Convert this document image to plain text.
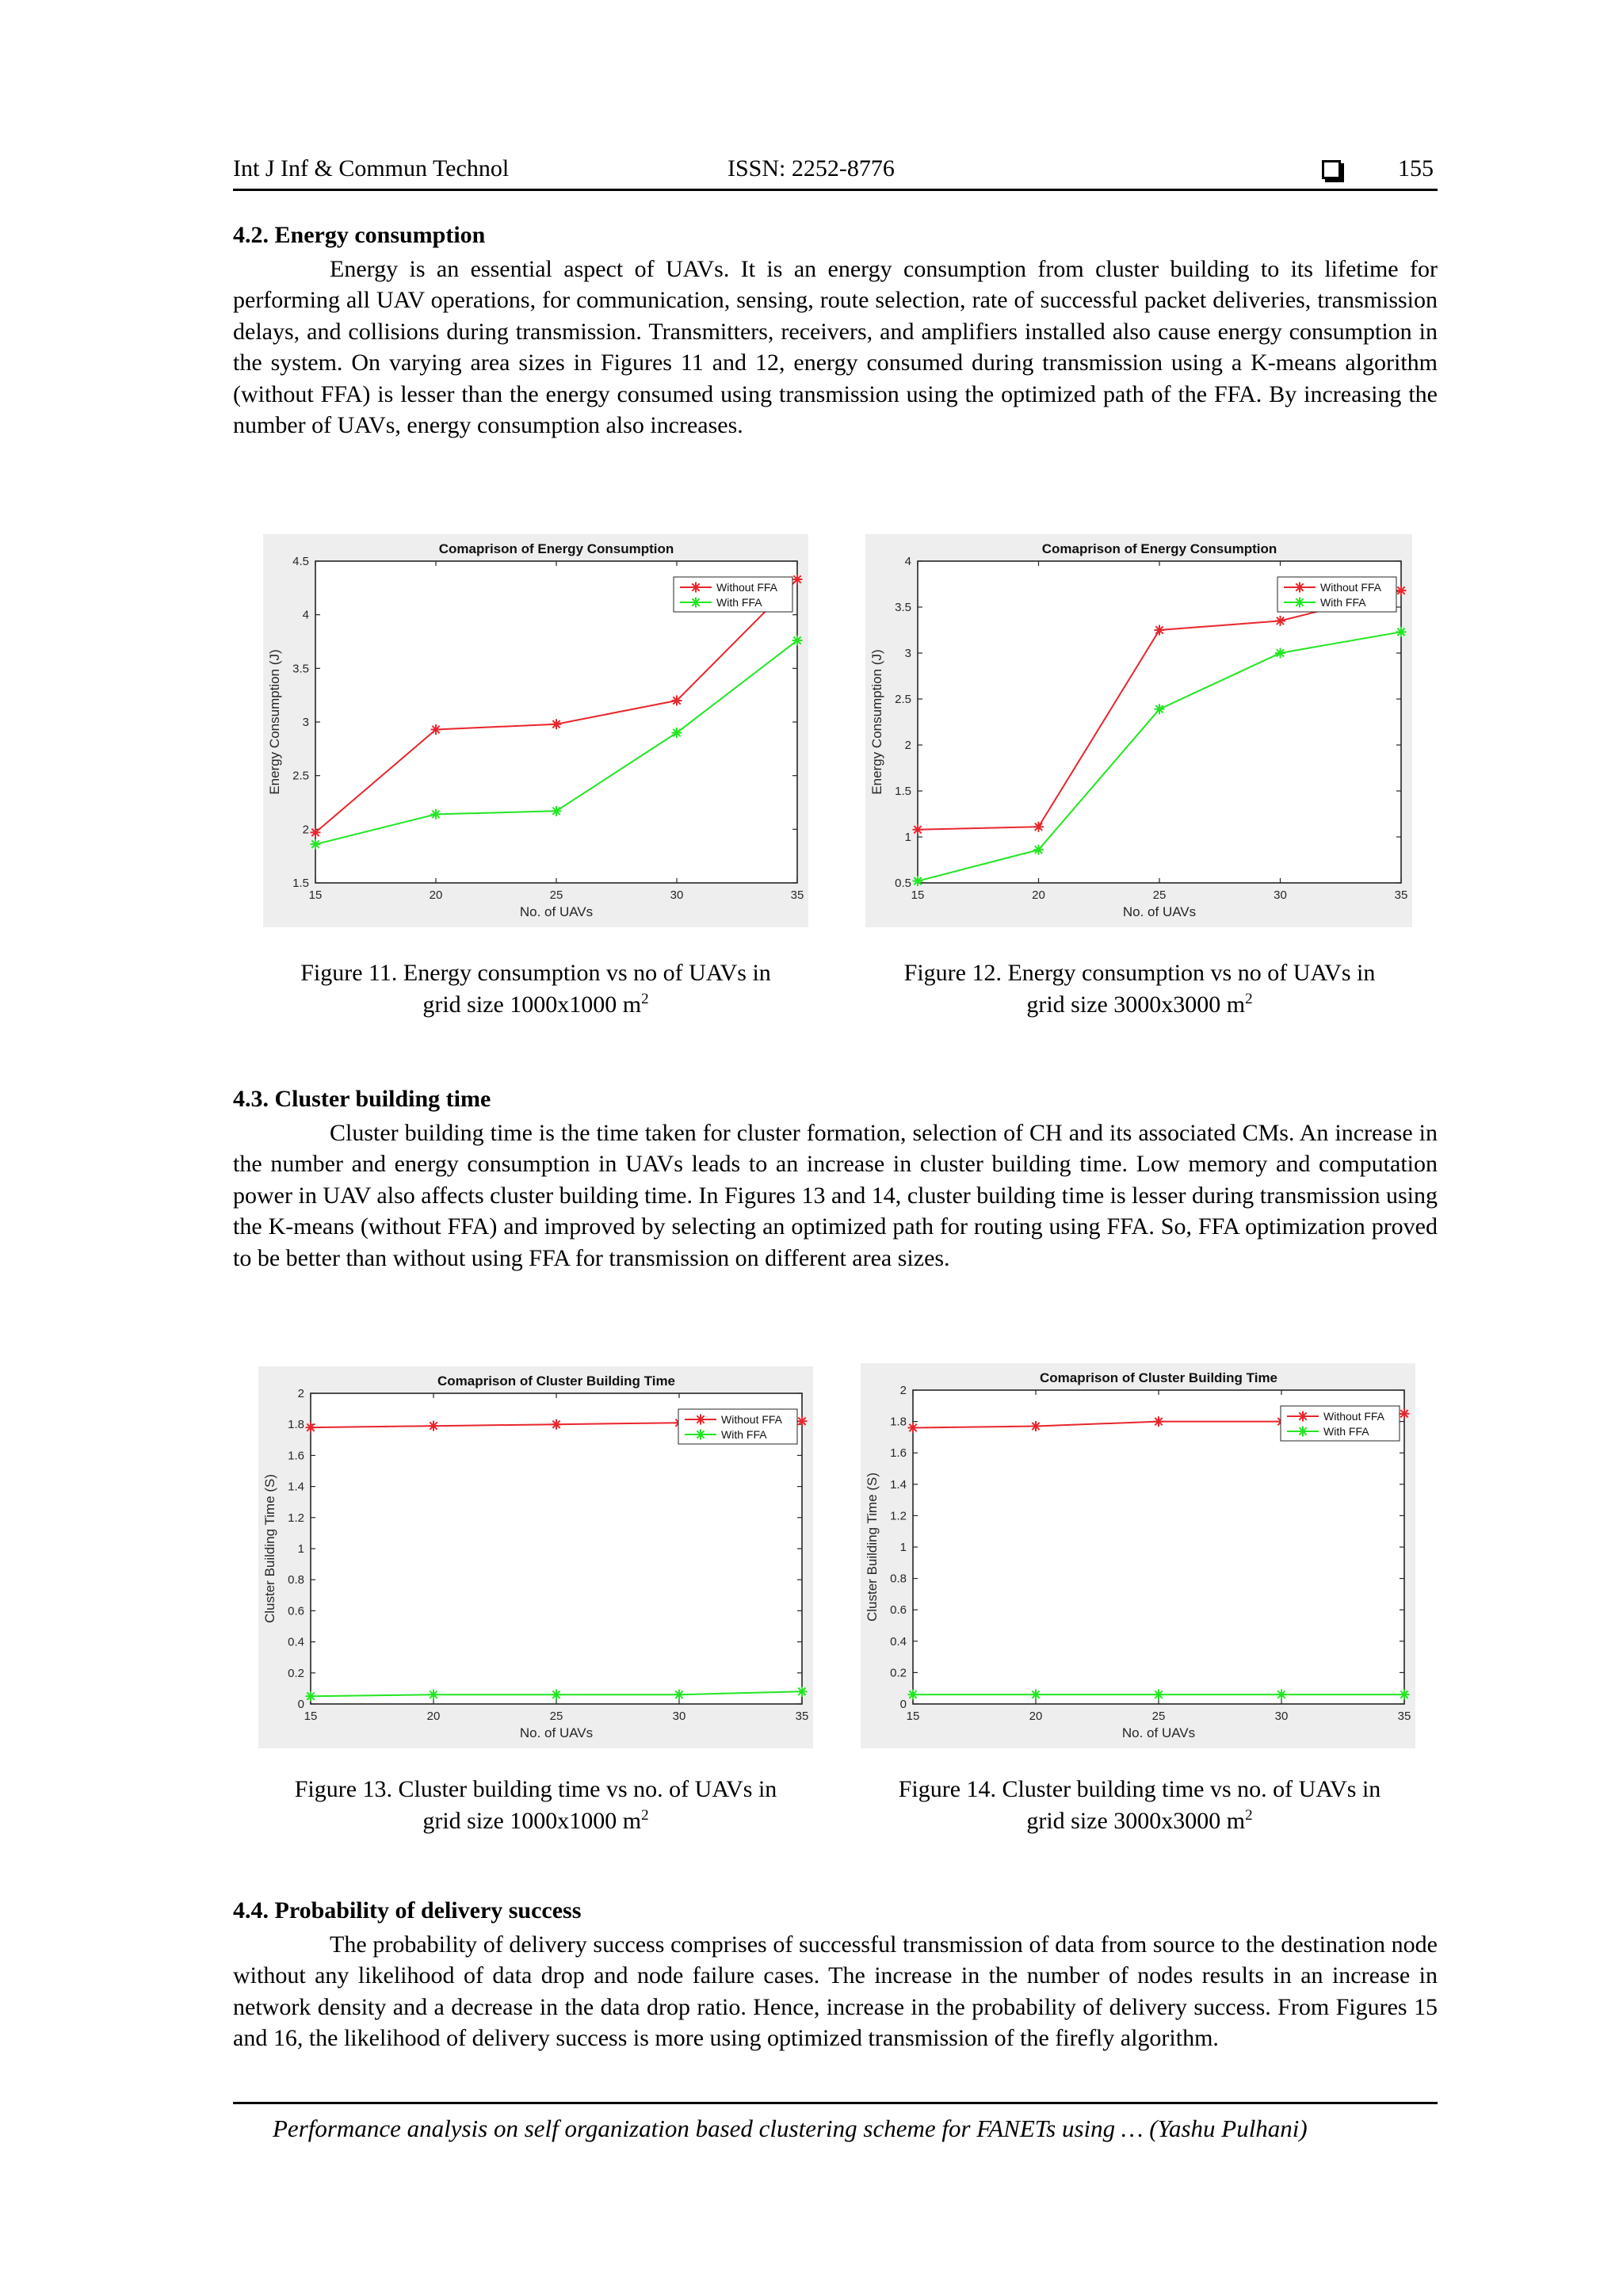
Int J Inf & Commun Technol	ISSN: 2252-8776	155
4.2. Energy consumption

Energy is an essential aspect of UAVs. It is an energy consumption from cluster building to its lifetime for performing all UAV operations, for communication, sensing, route selection, rate of successful packet deliveries, transmission delays, and collisions during transmission. Transmitters, receivers, and amplifiers installed also cause energy consumption in the system. On varying area sizes in Figures 11 and 12, energy consumed during transmission using a K-means algorithm (without FFA) is lesser than the energy consumed using transmission using the optimized path of the FFA. By increasing the number of UAVs, energy consumption also increases.

Comaprison of Energy Consumption
1.5
2
2.5
3
3.5
4
4.5
15	20	25	30	35
No. of UAVs
Energy Consumption (J)
Without FFA
With FFA
Comaprison of Energy Consumption
0.5
1
1.5
2
2.5
3
3.5
4
15	20	25	30	35
No. of UAVs
Energy Consumption (J)
Without FFA
With FFA
Figure 11. Energy consumption vs no of UAVs in
grid size 1000x1000 $m^2$
Figure 12. Energy consumption vs no of UAVs in
grid size 3000x3000 $m^2$
4.3. Cluster building time

Cluster building time is the time taken for cluster formation, selection of CH and its associated CMs. An increase in the number and energy consumption in UAVs leads to an increase in cluster building time. Low memory and computation power in UAV also affects cluster building time. In Figures 13 and 14, cluster building time is lesser during transmission using the K-means (without FFA) and improved by selecting an optimized path for routing using FFA. So, FFA optimization proved to be better than without using FFA for transmission on different area sizes.

Comaprison of Cluster Building Time
0
0.2
0.4
0.6
0.8
1
1.2
1.4
1.6
1.8
2
15	20	25	30	35
No. of UAVs
Cluster Building Time (S)
Without FFA
With FFA
Comaprison of Cluster Building Time
0
0.2
0.4
0.6
0.8
1
1.2
1.4
1.6
1.8
2
15	20	25	30	35
No. of UAVs
Cluster Building Time (S)
Without FFA
With FFA
Figure 13. Cluster building time vs no. of UAVs in
grid size 1000x1000 $m^2$
Figure 14. Cluster building time vs no. of UAVs in
grid size 3000x3000 $m^2$
4.4. Probability of delivery success

The probability of delivery success comprises of successful transmission of data from source to the destination node without any likelihood of data drop and node failure cases. The increase in the number of nodes results in an increase in network density and a decrease in the data drop ratio. Hence, increase in the probability of delivery success. From Figures 15 and 16, the likelihood of delivery success is more using optimized transmission of the firefly algorithm.

Performance analysis on self organization based clustering scheme for FANETs using … (Yashu Pulhani)
